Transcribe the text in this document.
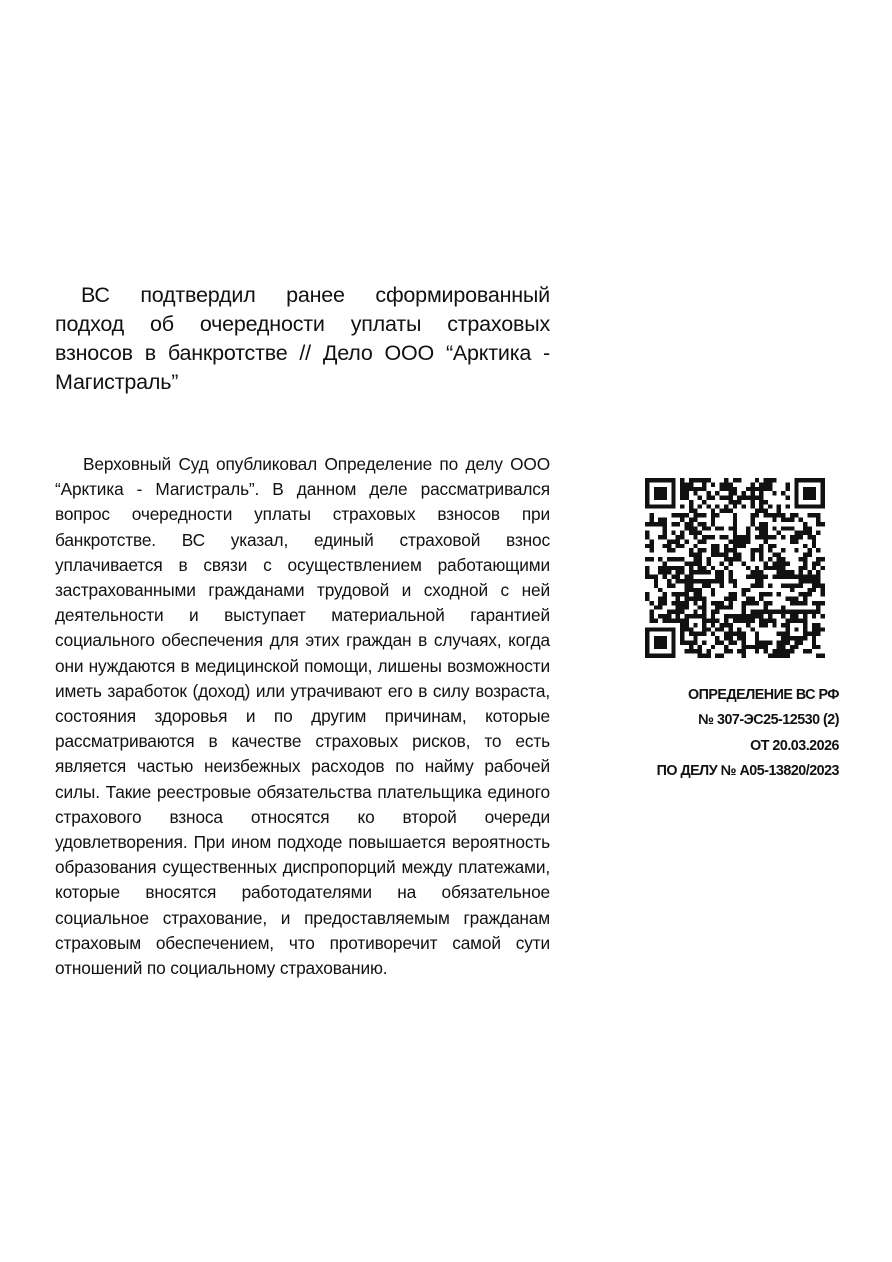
ВС подтвердил ранее сформированный подход об очередности уплаты страховых взносов в банкротстве // Дело ООО “Арктика - Магистраль”

Верховный Суд опубликовал Определение по делу ООО “Арктика - Магистраль”. В данном деле рассматривался вопрос очередности уплаты страховых взносов при банкротстве. ВС указал, единый страховой взнос уплачивается в связи с осуществлением работающими застрахованными гражданами трудовой и сходной с ней деятельности и выступает материальной гарантией социального обеспечения для этих граждан в случаях, когда они нуждаются в медицинской помощи, лишены возможности иметь заработок (доход) или утрачивают его в силу возраста, состояния здоровья и по другим причинам, которые рассматриваются в качестве страховых рисков, то есть является частью неизбежных расходов по найму рабочей силы. Такие реестровые обязательства плательщика единого страхового взноса относятся ко второй очереди удовлетворения. При ином подходе повышается вероятность образования существенных диспропорций между платежами, которые вносятся работодателями на обязательное социальное страхование, и предоставляемым гражданам страховым обеспечением, что противоречит самой сути отношений по социальному страхованию.

ОПРЕДЕЛЕНИЕ ВС РФ
№ 307-ЭС25-12530 (2)
ОТ 20.03.2026
ПО ДЕЛУ № А05-13820/2023
